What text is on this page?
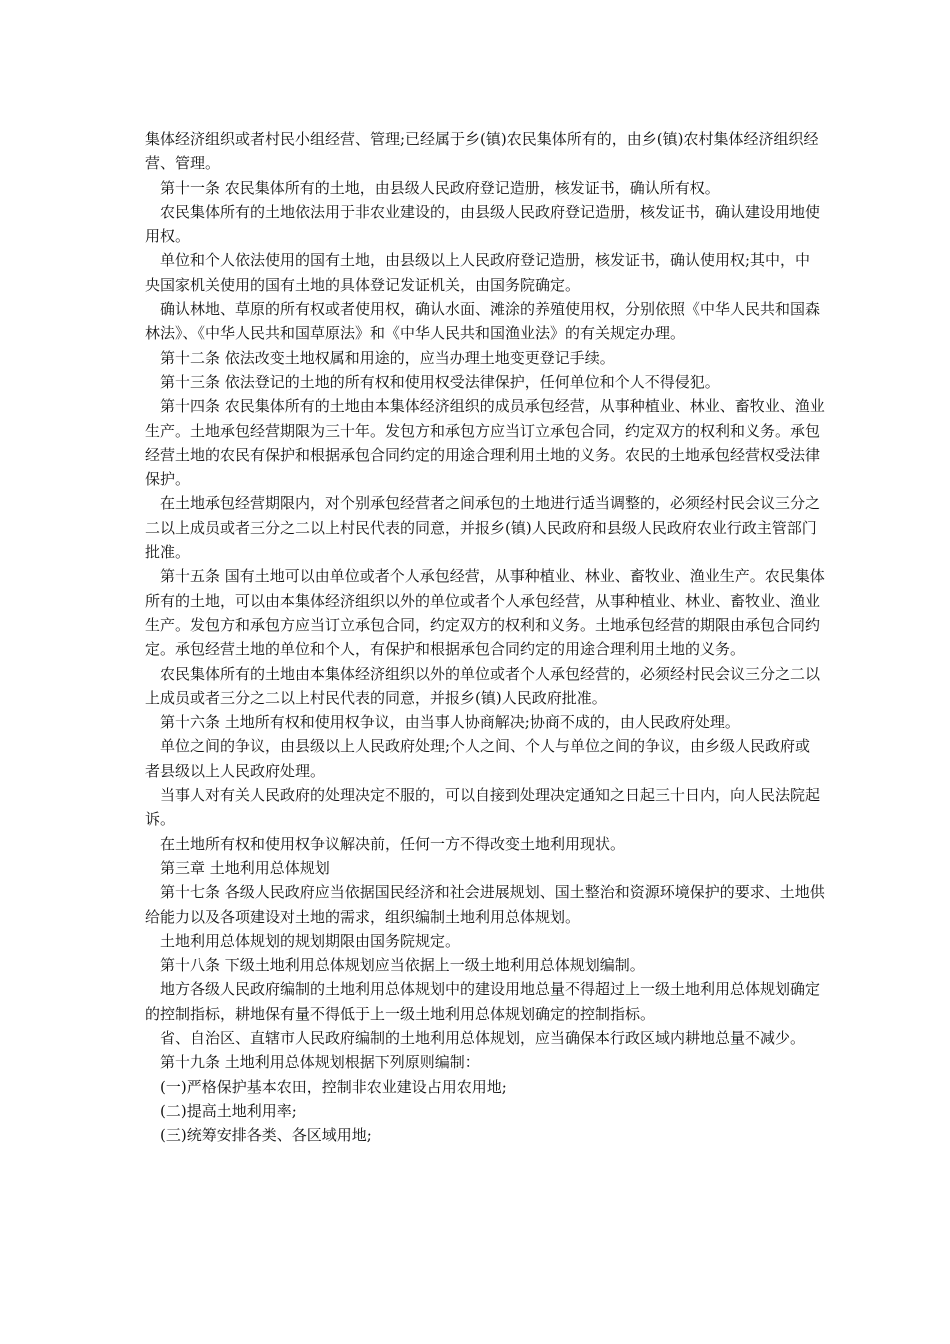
集体经济组织或者村民小组经营、管理;已经属于乡(镇)农民集体所有的，由乡(镇)农村集体经济组织经营、管理。

第十一条 农民集体所有的土地，由县级人民政府登记造册，核发证书，确认所有权。

农民集体所有的土地依法用于非农业建设的，由县级人民政府登记造册，核发证书，确认建设用地使用权。

单位和个人依法使用的国有土地，由县级以上人民政府登记造册，核发证书，确认使用权;其中，中央国家机关使用的国有土地的具体登记发证机关，由国务院确定。

确认林地、草原的所有权或者使用权，确认水面、滩涂的养殖使用权，分别依照《中华人民共和国森林法》、《中华人民共和国草原法》和《中华人民共和国渔业法》的有关规定办理。

第十二条 依法改变土地权属和用途的，应当办理土地变更登记手续。

第十三条 依法登记的土地的所有权和使用权受法律保护，任何单位和个人不得侵犯。

第十四条 农民集体所有的土地由本集体经济组织的成员承包经营，从事种植业、林业、畜牧业、渔业生产。土地承包经营期限为三十年。发包方和承包方应当订立承包合同，约定双方的权利和义务。承包经营土地的农民有保护和根据承包合同约定的用途合理利用土地的义务。农民的土地承包经营权受法律保护。

在土地承包经营期限内，对个别承包经营者之间承包的土地进行适当调整的，必须经村民会议三分之二以上成员或者三分之二以上村民代表的同意，并报乡(镇)人民政府和县级人民政府农业行政主管部门批准。

第十五条 国有土地可以由单位或者个人承包经营，从事种植业、林业、畜牧业、渔业生产。农民集体所有的土地，可以由本集体经济组织以外的单位或者个人承包经营，从事种植业、林业、畜牧业、渔业生产。发包方和承包方应当订立承包合同，约定双方的权利和义务。土地承包经营的期限由承包合同约定。承包经营土地的单位和个人，有保护和根据承包合同约定的用途合理利用土地的义务。

农民集体所有的土地由本集体经济组织以外的单位或者个人承包经营的，必须经村民会议三分之二以上成员或者三分之二以上村民代表的同意，并报乡(镇)人民政府批准。

第十六条 土地所有权和使用权争议，由当事人协商解决;协商不成的，由人民政府处理。

单位之间的争议，由县级以上人民政府处理;个人之间、个人与单位之间的争议，由乡级人民政府或者县级以上人民政府处理。

当事人对有关人民政府的处理决定不服的，可以自接到处理决定通知之日起三十日内，向人民法院起诉。

在土地所有权和使用权争议解决前，任何一方不得改变土地利用现状。

第三章 土地利用总体规划

第十七条 各级人民政府应当依据国民经济和社会进展规划、国土整治和资源环境保护的要求、土地供给能力以及各项建设对土地的需求，组织编制土地利用总体规划。

土地利用总体规划的规划期限由国务院规定。

第十八条 下级土地利用总体规划应当依据上一级土地利用总体规划编制。

地方各级人民政府编制的土地利用总体规划中的建设用地总量不得超过上一级土地利用总体规划确定的控制指标，耕地保有量不得低于上一级土地利用总体规划确定的控制指标。

省、自治区、直辖市人民政府编制的土地利用总体规划，应当确保本行政区域内耕地总量不减少。

第十九条 土地利用总体规划根据下列原则编制：

(一)严格保护基本农田，控制非农业建设占用农用地;

(二)提高土地利用率;

(三)统筹安排各类、各区域用地;
